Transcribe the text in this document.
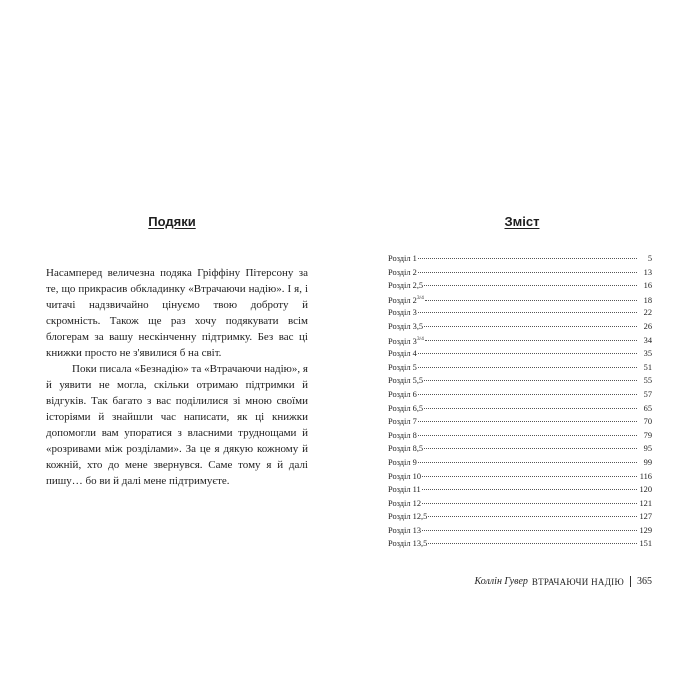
Подяки

Насамперед величезна подяка Гріффіну Пітерсону за те, що прикрасив обкладинку «Втрачаючи надію». І я, і читачі надзвичайно цінуємо твою доброту й скромність. Також ще раз хочу подякувати всім блогерам за вашу нескінченну підтримку. Без вас ці книжки просто не з'явилися б на світ.

Поки писала «Безнадію» та «Втрачаючи надію», я й уявити не могла, скільки отримаю підтримки й відгуків. Так багато з вас поділилися зі мною своїми історіями й знайшли час написати, як ці книжки допомогли вам упоратися з власними труднощами й «розривами між розділами». За це я дякую кожному й кожній, хто до мене звернувся. Саме тому я й далі пишу… бо ви й далі мене підтримуєте.

Зміст
Розділ 1	5
Розділ 2	13
Розділ 2,5	16
Розділ $2^{3/4}$	18
Розділ 3	22
Розділ 3,5	26
Розділ $3^{3/4}$	34
Розділ 4	35
Розділ 5	51
Розділ 5,5	55
Розділ 6	57
Розділ 6,5	65
Розділ 7	70
Розділ 8	79
Розділ 8,5	95
Розділ 9	99
Розділ 10	116
Розділ 11	120
Розділ 12	121
Розділ 12,5	127
Розділ 13	129
Розділ 13,5	151
Коллін Гувер ВТРАЧАЮЧИ НАДІЮ 365
